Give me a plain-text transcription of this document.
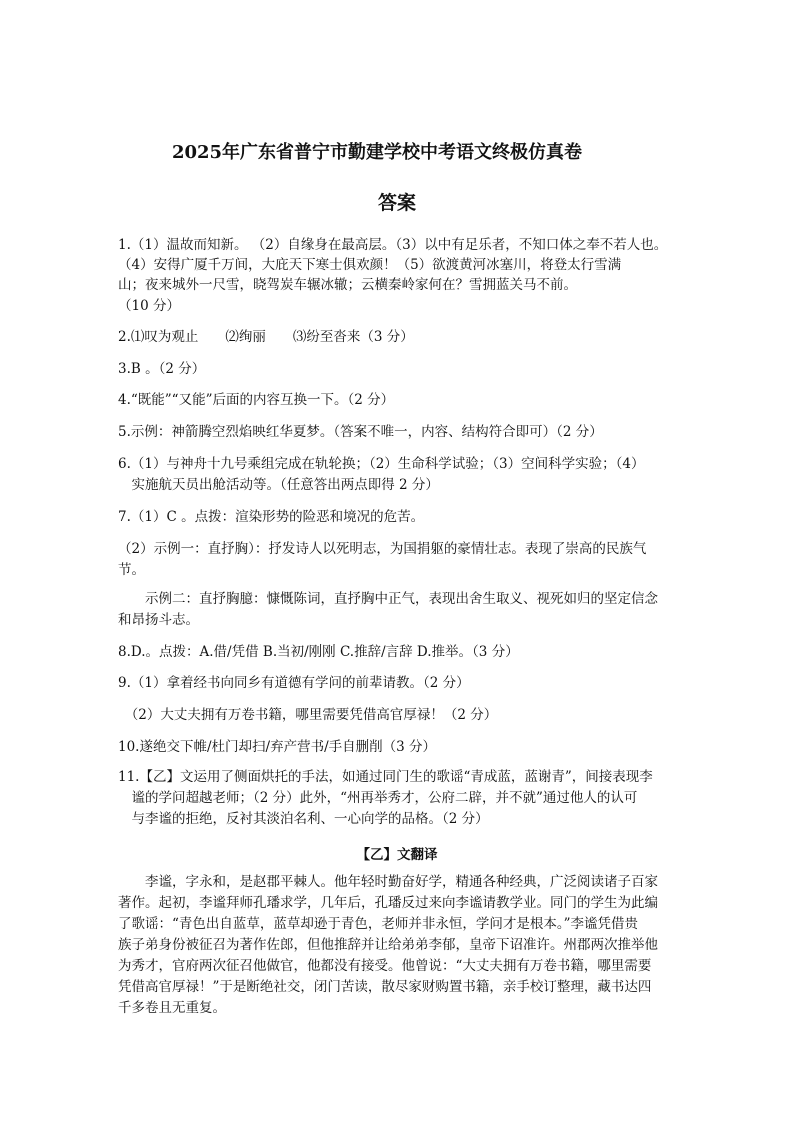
2025年广东省普宁市勤建学校中考语文终极仿真卷
答案
1.（1）温故而知新。 （2）自缘身在最高层。（3）以中有足乐者，不知口体之奉不若人也。
（4）安得广厦千万间，大庇天下寒士俱欢颜！（5）欲渡黄河冰塞川，将登太行雪满
山；夜来城外一尺雪，晓驾炭车辗冰辙；云横秦岭家何在？雪拥蓝关马不前。
（10 分）
2.⑴叹为观止　　⑵绚丽　　⑶纷至沓来（3 分）
3.B 。（2 分）
4.“既能”“又能”后面的内容互换一下。（2 分）
5.示例：神箭腾空烈焰映红华夏梦。（答案不唯一，内容、结构符合即可）（2 分）
6.（1）与神舟十九号乘组完成在轨轮换；（2）生命科学试验；（3）空间科学实验；（4）
　实施航天员出舱活动等。（任意答出两点即得 2 分）
7.（1）C 。点拨：渲染形势的险恶和境况的危苦。
（2）示例一：直抒胸）：抒发诗人以死明志，为国捐躯的豪情壮志。表现了崇高的民族气
节。
　　示例二：直抒胸臆：慷慨陈词，直抒胸中正气，表现出舍生取义、视死如归的坚定信念
和昂扬斗志。
8.D.。点拨：A.借/凭借 B.当初/刚刚 C.推辞/言辞 D.推举。（3 分）
9.（1）拿着经书向同乡有道德有学问的前辈请教。（2 分）
　（2）大丈夫拥有万卷书籍，哪里需要凭借高官厚禄！（2 分）
10.遂绝交下帷/杜门却扫/弃产营书/手自删削（3 分）
11.【乙】文运用了侧面烘托的手法，如通过同门生的歌谣“青成蓝，蓝谢青”，间接表现李
　谧的学问超越老师；（2 分）此外，“州再举秀才，公府二辟，并不就”通过他人的认可
　与李谧的拒绝，反衬其淡泊名利、一心向学的品格。（2 分）
【乙】文翻译
　　李谧，字永和，是赵郡平棘人。他年轻时勤奋好学，精通各种经典，广泛阅读诸子百家
著作。起初，李谧拜师孔璠求学，几年后，孔璠反过来向李谧请教学业。同门的学生为此编
了歌谣：“青色出自蓝草，蓝草却逊于青色，老师并非永恒，学问才是根本。”李谧凭借贵
族子弟身份被征召为著作佐郎，但他推辞并让给弟弟李郁，皇帝下诏准许。州郡两次推举他
为秀才，官府两次征召他做官，他都没有接受。他曾说：“大丈夫拥有万卷书籍，哪里需要
凭借高官厚禄！”于是断绝社交，闭门苦读，散尽家财购置书籍，亲手校订整理，藏书达四
千多卷且无重复。
